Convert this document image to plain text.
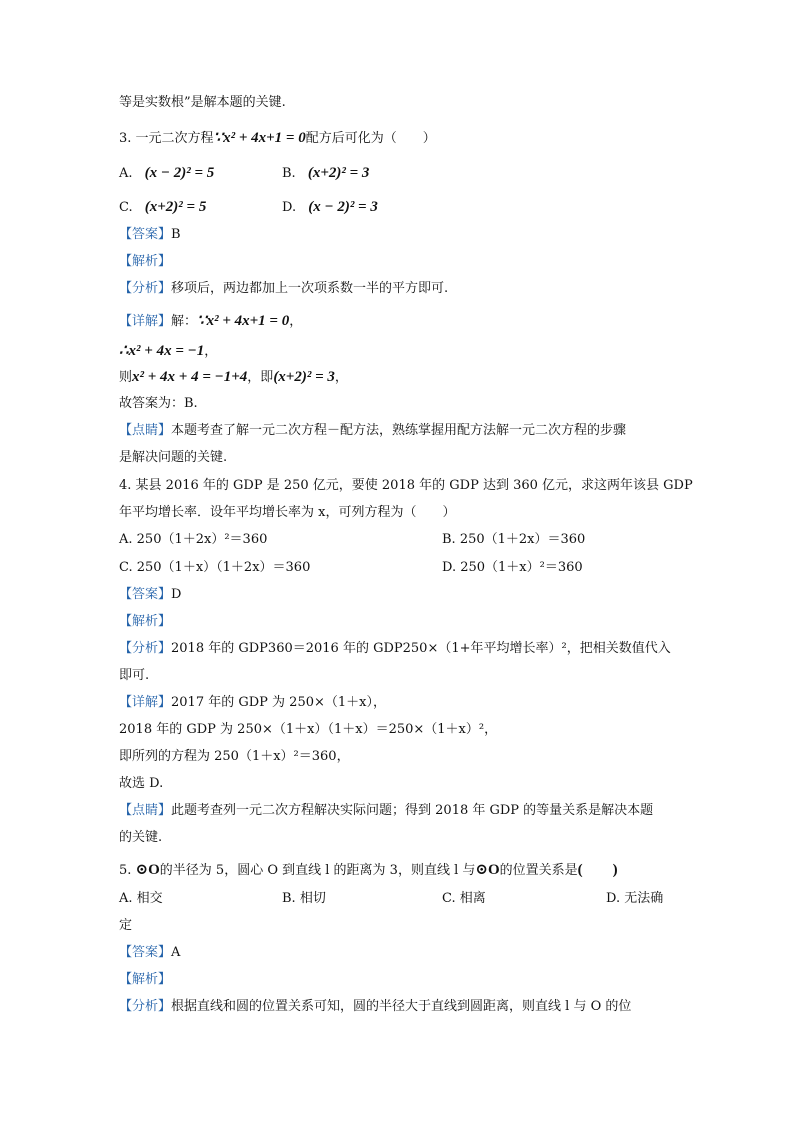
等是实数根”是解本题的关键.
3. 一元二次方程∵x² + 4x+1 = 0配方后可化为（　　）
A. (x − 2)² = 5	B. (x+2)² = 3
C. (x+2)² = 5	D. (x − 2)² = 3
【答案】B
【解析】
【分析】移项后，两边都加上一次项系数一半的平方即可.
【详解】解：∵x² + 4x+1 = 0，
∴x² + 4x = −1，
则x² + 4x + 4 = −1+4，即(x+2)² = 3，
故答案为：B.
【点睛】本题考查了解一元二次方程－配方法，熟练掌握用配方法解一元二次方程的步骤
是解决问题的关键.
4. 某县 2016 年的 GDP 是 250 亿元，要使 2018 年的 GDP 达到 360 亿元，求这两年该县 GDP
年平均增长率．设年平均增长率为 x，可列方程为（　　）
A. 250（1＋2x）²＝360	B. 250（1＋2x）＝360
C. 250（1＋x）（1＋2x）＝360	D. 250（1＋x）²＝360
【答案】D
【解析】
【分析】2018 年的 GDP360＝2016 年的 GDP250×（1+年平均增长率）²，把相关数值代入
即可.
【详解】2017 年的 GDP 为 250×（1＋x），
2018 年的 GDP 为 250×（1＋x）（1＋x）＝250×（1＋x）²，
即所列的方程为 250（1＋x）²＝360，
故选 D.
【点睛】此题考查列一元二次方程解决实际问题；得到 2018 年 GDP 的等量关系是解决本题
的关键.
5. ⊙O的半径为 5，圆心 O 到直线 l 的距离为 3，则直线 l 与⊙O的位置关系是(　　)
A. 相交	B. 相切	C. 相离	D. 无法确
定
【答案】A
【解析】
【分析】根据直线和圆的位置关系可知，圆的半径大于直线到圆距离，则直线 l 与 O 的位
